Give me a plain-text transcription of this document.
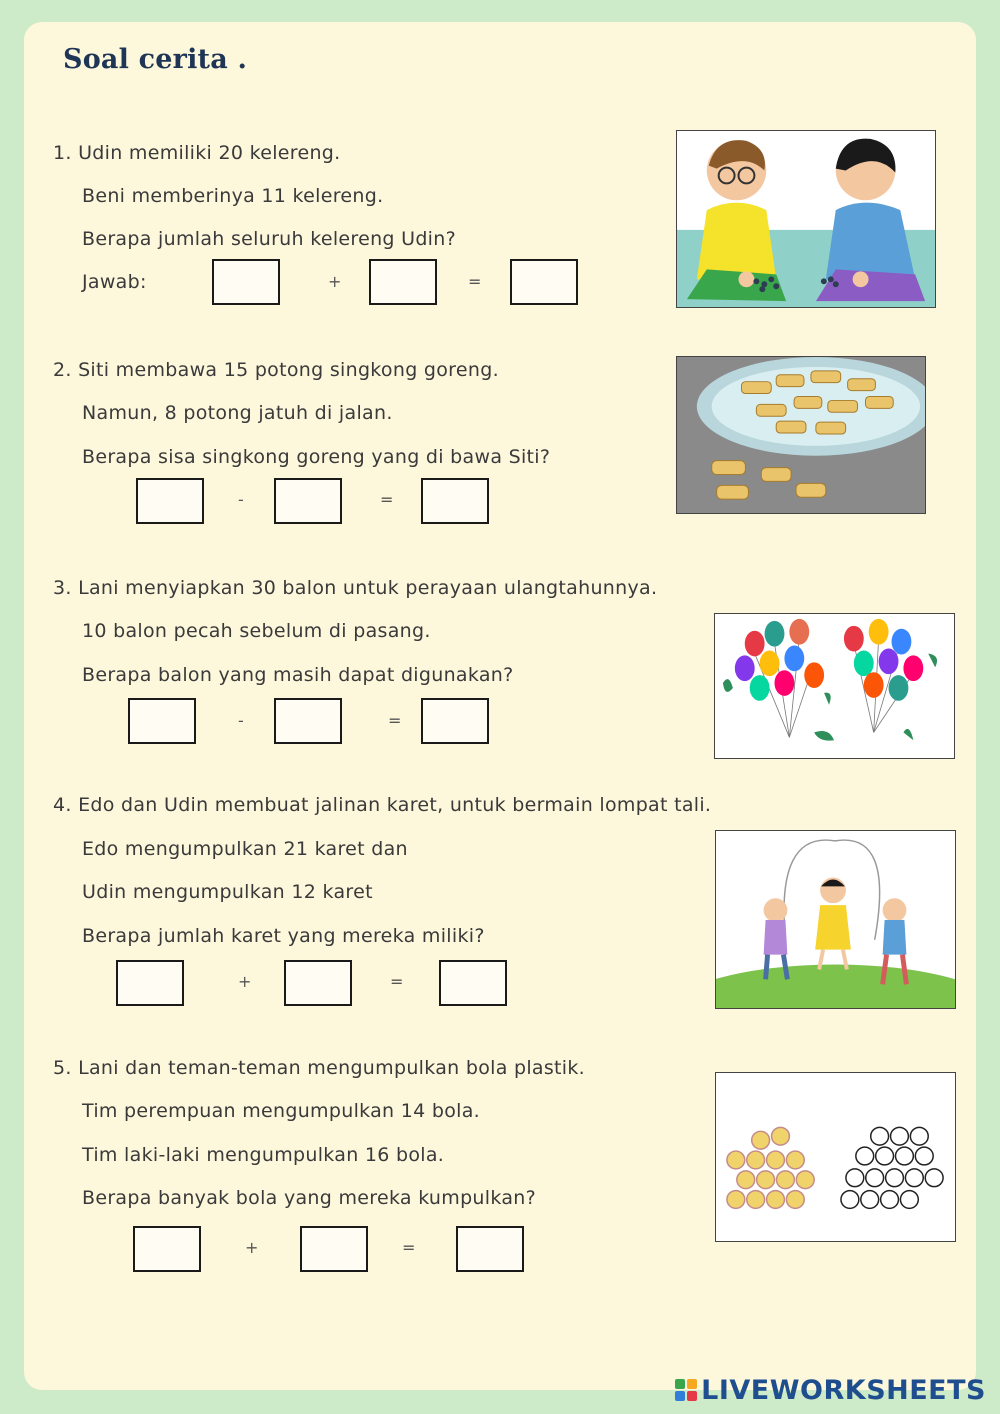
Soal cerita .
1. Udin memiliki 20 kelereng.
Beni memberinya 11 kelereng.
Berapa jumlah seluruh kelereng Udin?
Jawab:	+	=
2. Siti membawa 15 potong singkong goreng.
Namun, 8 potong jatuh di jalan.
Berapa sisa singkong goreng yang di bawa Siti?
-	=
3. Lani menyiapkan 30 balon untuk perayaan ulangtahunnya.
10 balon pecah sebelum di pasang.
Berapa balon yang masih dapat digunakan?
-	=
4. Edo dan Udin membuat jalinan karet, untuk bermain lompat tali.
Edo mengumpulkan 21 karet dan
Udin mengumpulkan 12 karet
Berapa jumlah karet yang mereka miliki?
+	=
5. Lani dan teman-teman mengumpulkan bola plastik.
Tim perempuan mengumpulkan 14 bola.
Tim laki-laki mengumpulkan 16 bola.
Berapa banyak bola yang mereka kumpulkan?
+	=
LIVEWORKSHEETS
